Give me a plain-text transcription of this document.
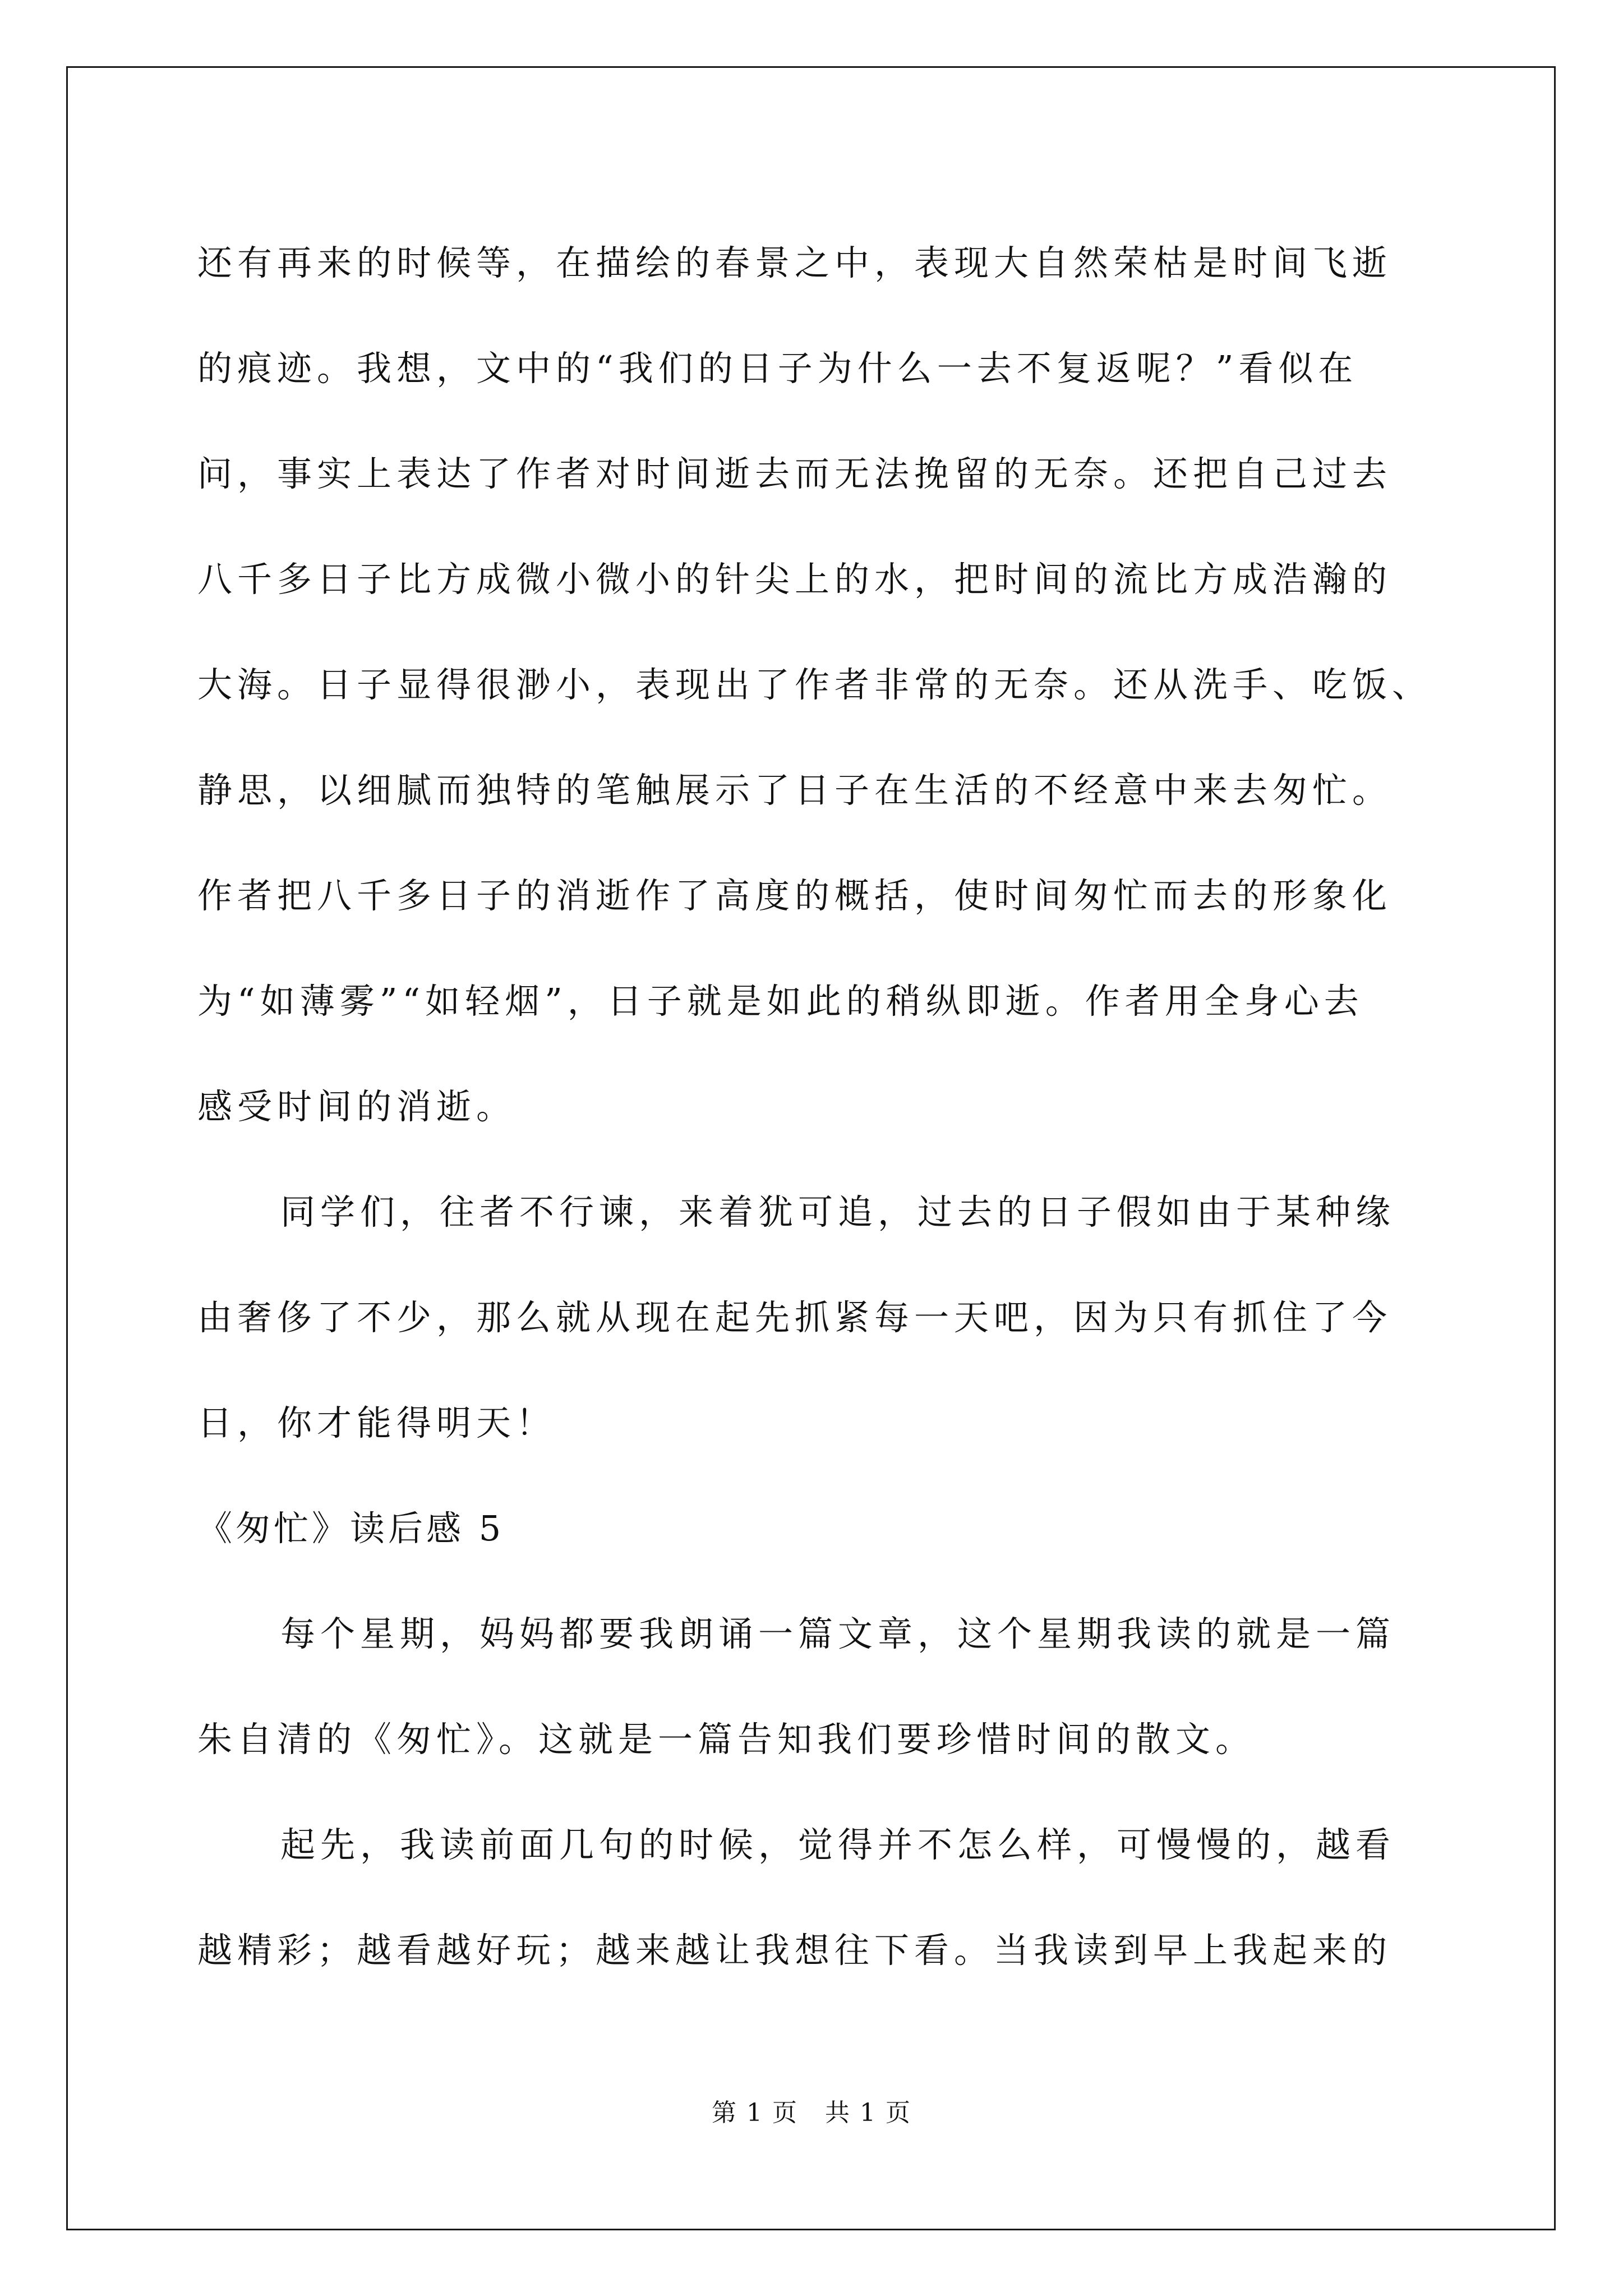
还有再来的时候等，在描绘的春景之中，表现大自然荣枯是时间飞逝
的痕迹。我想，文中的“我们的日子为什么一去不复返呢？”看似在
问，事实上表达了作者对时间逝去而无法挽留的无奈。还把自己过去
八千多日子比方成微小微小的针尖上的水，把时间的流比方成浩瀚的
大海。日子显得很渺小，表现出了作者非常的无奈。还从洗手、吃饭、
静思，以细腻而独特的笔触展示了日子在生活的不经意中来去匆忙。
作者把八千多日子的消逝作了高度的概括，使时间匆忙而去的形象化
为“如薄雾”“如轻烟”，日子就是如此的稍纵即逝。作者用全身心去
感受时间的消逝。
同学们，往者不行谏，来着犹可追，过去的日子假如由于某种缘
由奢侈了不少，那么就从现在起先抓紧每一天吧，因为只有抓住了今
日，你才能得明天！
《匆忙》读后感 5
每个星期，妈妈都要我朗诵一篇文章，这个星期我读的就是一篇
朱自清的《匆忙》。这就是一篇告知我们要珍惜时间的散文。
起先，我读前面几句的时候，觉得并不怎么样，可慢慢的，越看
越精彩；越看越好玩；越来越让我想往下看。当我读到早上我起来的
第 1 页 共 1 页
